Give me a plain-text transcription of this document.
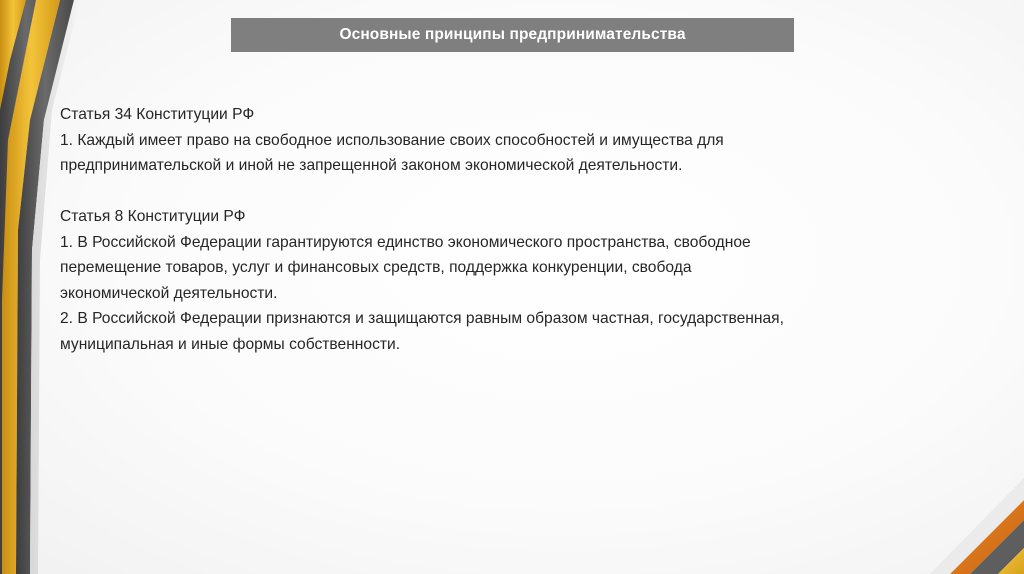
Основные принципы предпринимательства

Статья 34 Конституции РФ

1. Каждый имеет право на свободное использование своих способностей и имущества для

предпринимательской и иной не запрещенной законом экономической деятельности.

Статья 8 Конституции РФ

1. В Российской Федерации гарантируются единство экономического пространства, свободное

перемещение товаров, услуг и финансовых средств, поддержка конкуренции, свобода

экономической деятельности.

2. В Российской Федерации признаются и защищаются равным образом частная, государственная,

муниципальная и иные формы собственности.
